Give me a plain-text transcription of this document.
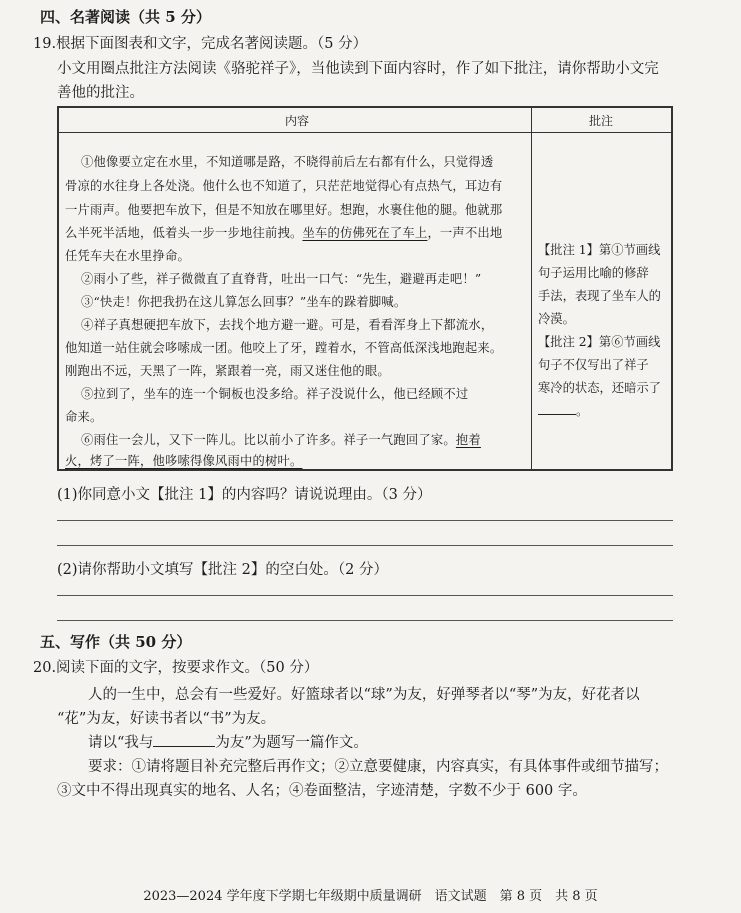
四、名著阅读（共 5 分）
19.根据下面图表和文字，完成名著阅读题。（5 分）
小文用圈点批注方法阅读《骆驼祥子》，当他读到下面内容时，作了如下批注，请你帮助小文完
善他的批注。
内容	批注
①他像要立定在水里，不知道哪是路，不晓得前后左右都有什么，只觉得透
骨凉的水往身上各处浇。他什么也不知道了，只茫茫地觉得心有点热气，耳边有
一片雨声。他要把车放下，但是不知放在哪里好。想跑，水裹住他的腿。他就那
么半死半活地，低着头一步一步地往前拽。坐车的仿佛死在了车上，一声不出地
任凭车夫在水里挣命。
②雨小了些，祥子微微直了直脊背，吐出一口气：“先生，避避再走吧！”
③“快走！你把我扔在这儿算怎么回事？”坐车的跺着脚喊。
④祥子真想硬把车放下，去找个地方避一避。可是，看看浑身上下都流水，
他知道一站住就会哆嗦成一团。他咬上了牙，蹚着水，不管高低深浅地跑起来。
刚跑出不远，天黑了一阵，紧跟着一亮，雨又迷住他的眼。
⑤拉到了，坐车的连一个铜板也没多给。祥子没说什么，他已经顾不过
命来。
⑥雨住一会儿，又下一阵儿。比以前小了许多。祥子一气跑回了家。抱着
火，烤了一阵，他哆嗦得像风雨中的树叶。
【批注 1】第①节画线
句子运用比喻的修辞
手法，表现了坐车人的
冷漠。
【批注 2】第⑥节画线
句子不仅写出了祥子
寒冷的状态，还暗示了
。
(1)你同意小文【批注 1】的内容吗？请说说理由。（3 分）
(2)请你帮助小文填写【批注 2】的空白处。（2 分）
五、写作（共 50 分）
20.阅读下面的文字，按要求作文。（50 分）
人的一生中，总会有一些爱好。好篮球者以“球”为友，好弹琴者以“琴”为友，好花者以
“花”为友，好读书者以“书”为友。
请以“我与	为友”为题写一篇作文。
要求：①请将题目补充完整后再作文；②立意要健康，内容真实，有具体事件或细节描写；
③文中不得出现真实的地名、人名；④卷面整洁，字迹清楚，字数不少于 600 字。
2023—2024 学年度下学期七年级期中质量调研　语文试题　第 8 页　共 8 页
